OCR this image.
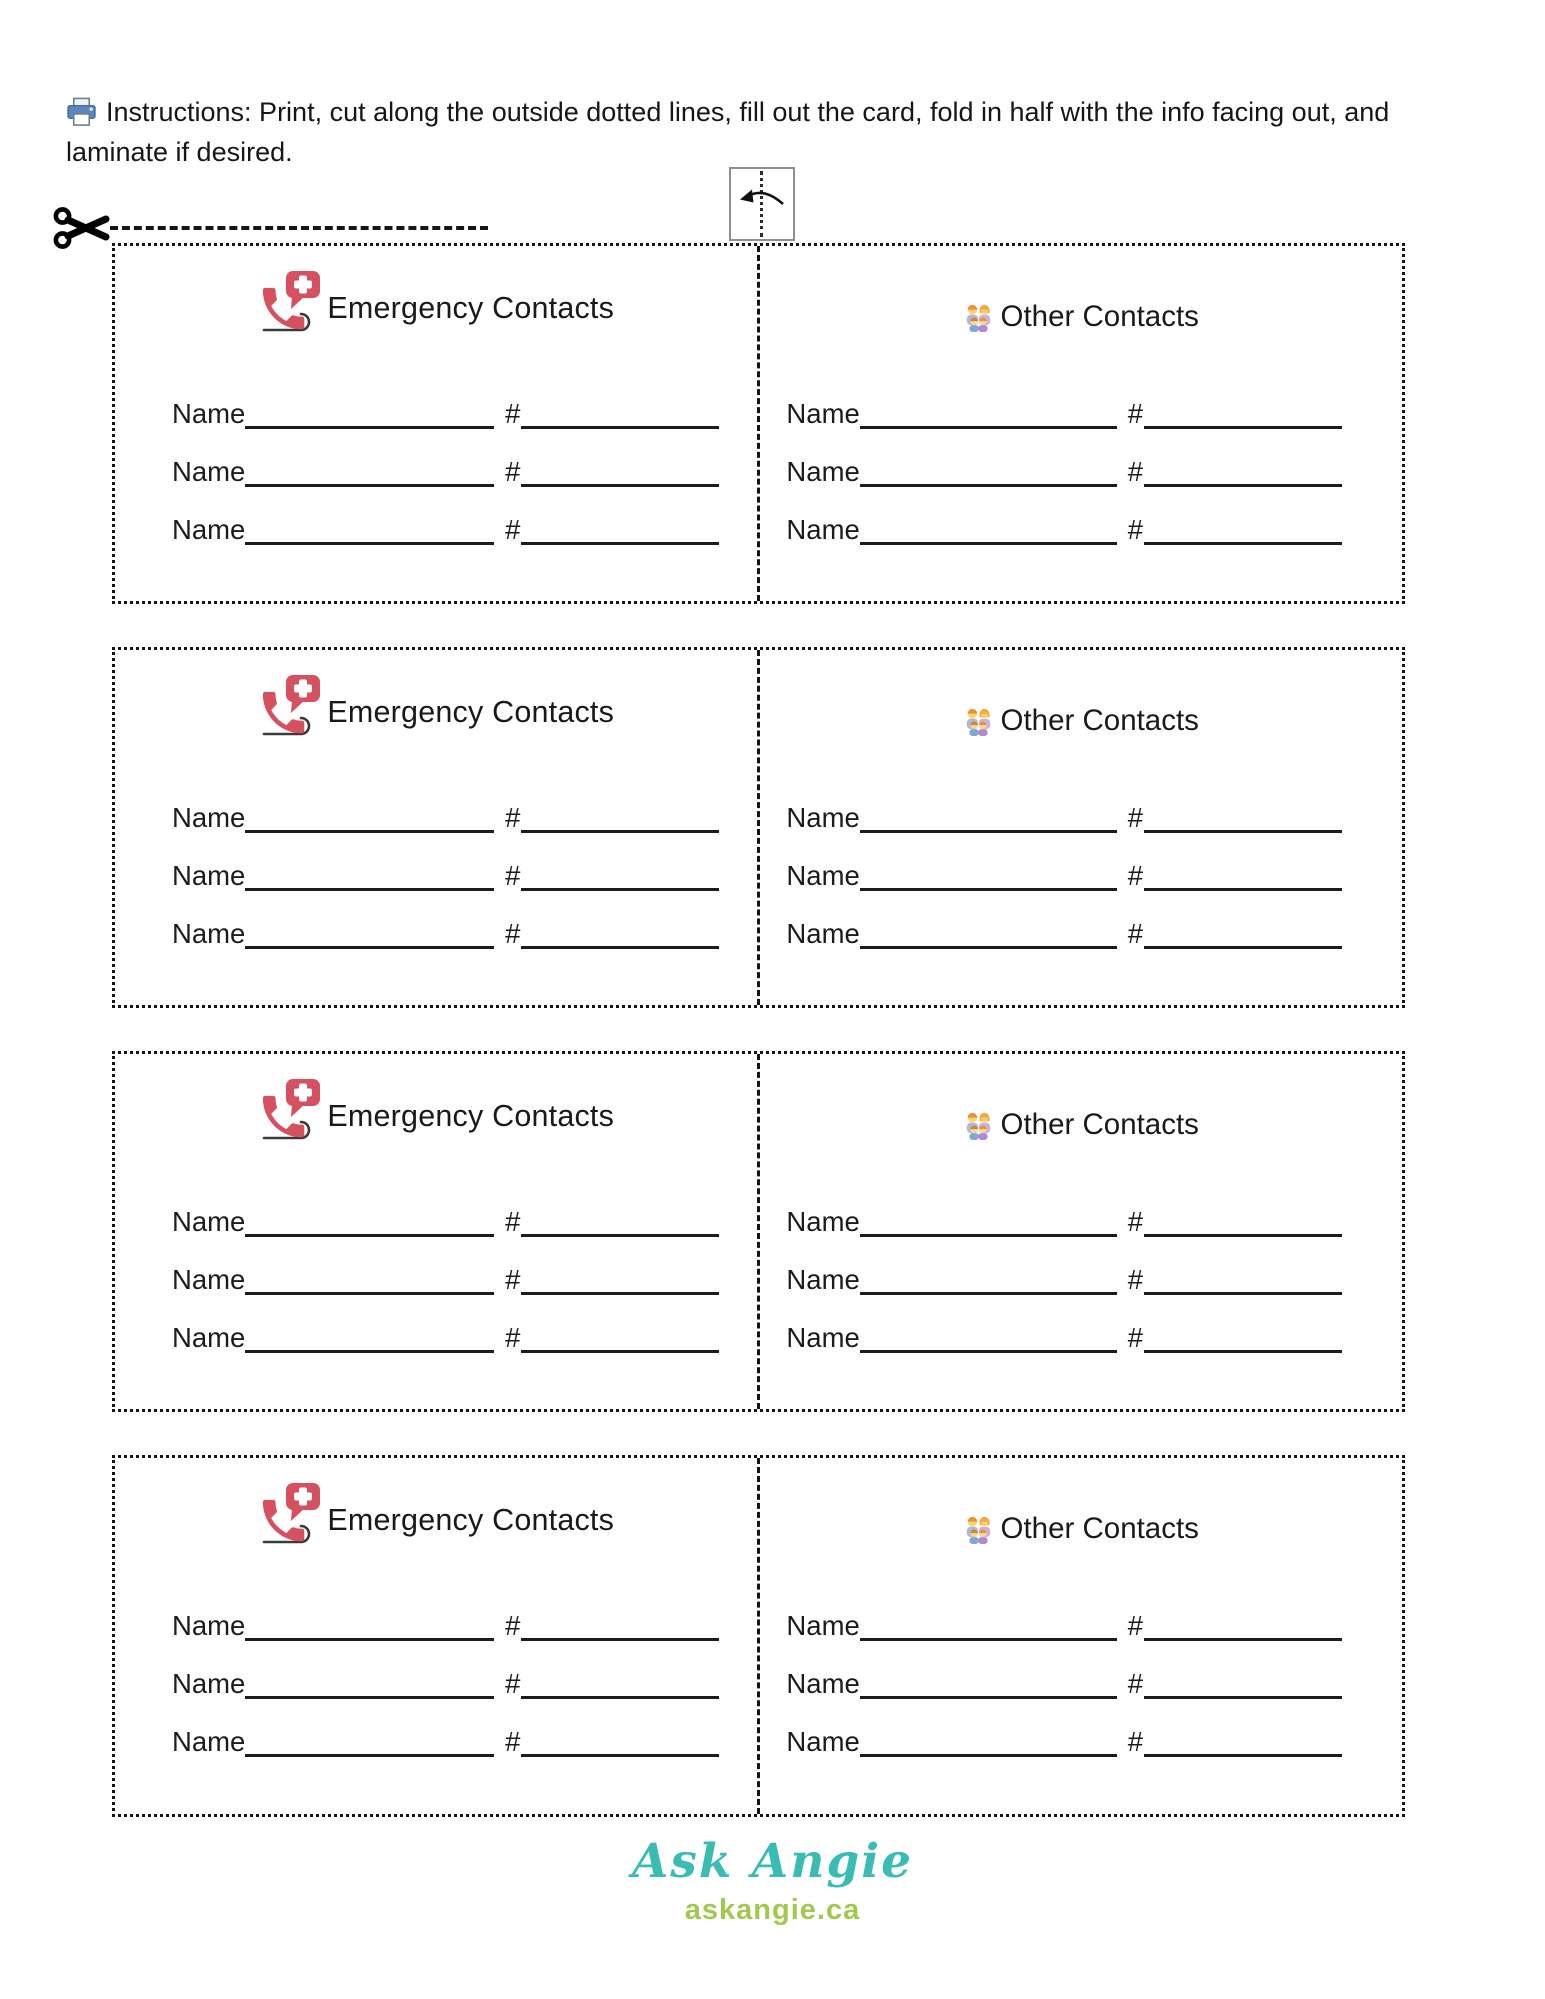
Instructions: Print, cut along the outside dotted lines, fill out the card, fold in half with the info facing out, and laminate if desired.
Emergency Contacts
Name	#
Name	#
Name	#
Other Contacts
Name	#
Name	#
Name	#
Emergency Contacts
Name	#
Name	#
Name	#
Other Contacts
Name	#
Name	#
Name	#
Emergency Contacts
Name	#
Name	#
Name	#
Other Contacts
Name	#
Name	#
Name	#
Emergency Contacts
Name	#
Name	#
Name	#
Other Contacts
Name	#
Name	#
Name	#
Ask Angie
askangie.ca
